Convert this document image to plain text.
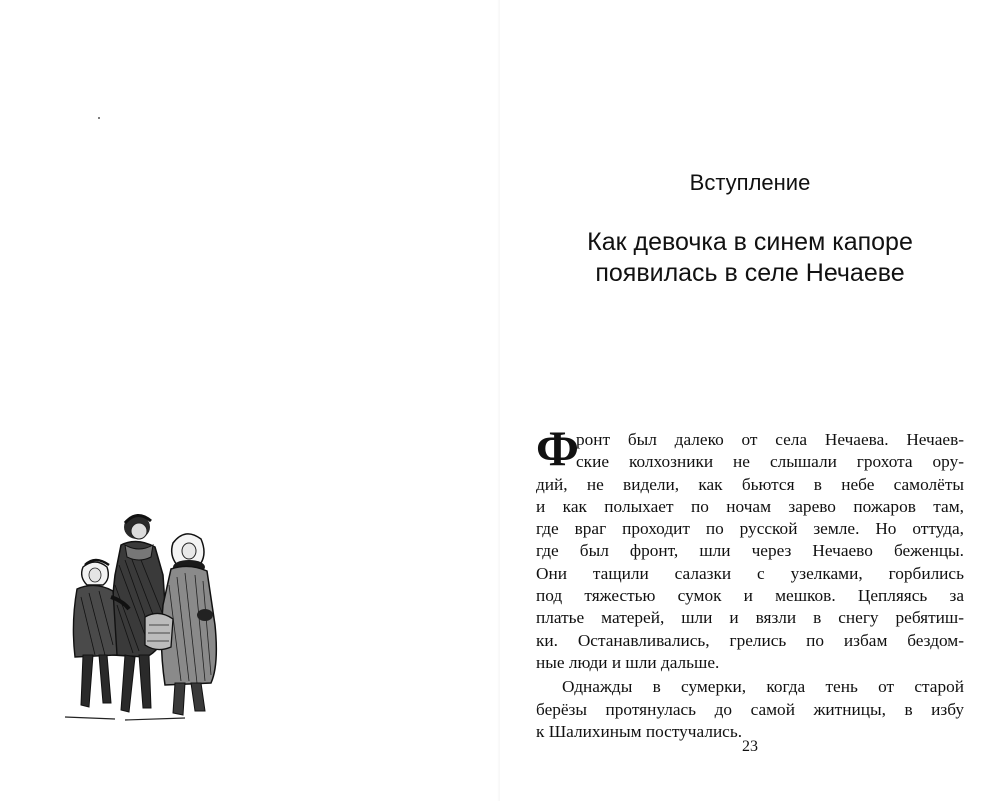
Вступление
Как девочка в синем капоре
появилась в селе Нечаеве
Ф
ронт был далеко от села Нечаева. Нечаев-
ские колхозники не слышали грохота ору-
дий, не видели, как бьются в небе самолёты
и как полыхает по ночам зарево пожаров там,
где враг проходит по русской земле. Но оттуда,
где был фронт, шли через Нечаево беженцы.
Они тащили салазки с узелками, горбились
под тяжестью сумок и мешков. Цепляясь за
платье матерей, шли и вязли в снегу ребятиш-
ки. Останавливались, грелись по избам бездом-
ные люди и шли дальше.
Однажды в сумерки, когда тень от старой
берёзы протянулась до самой житницы, в избу
к Шалихиным постучались.
23
